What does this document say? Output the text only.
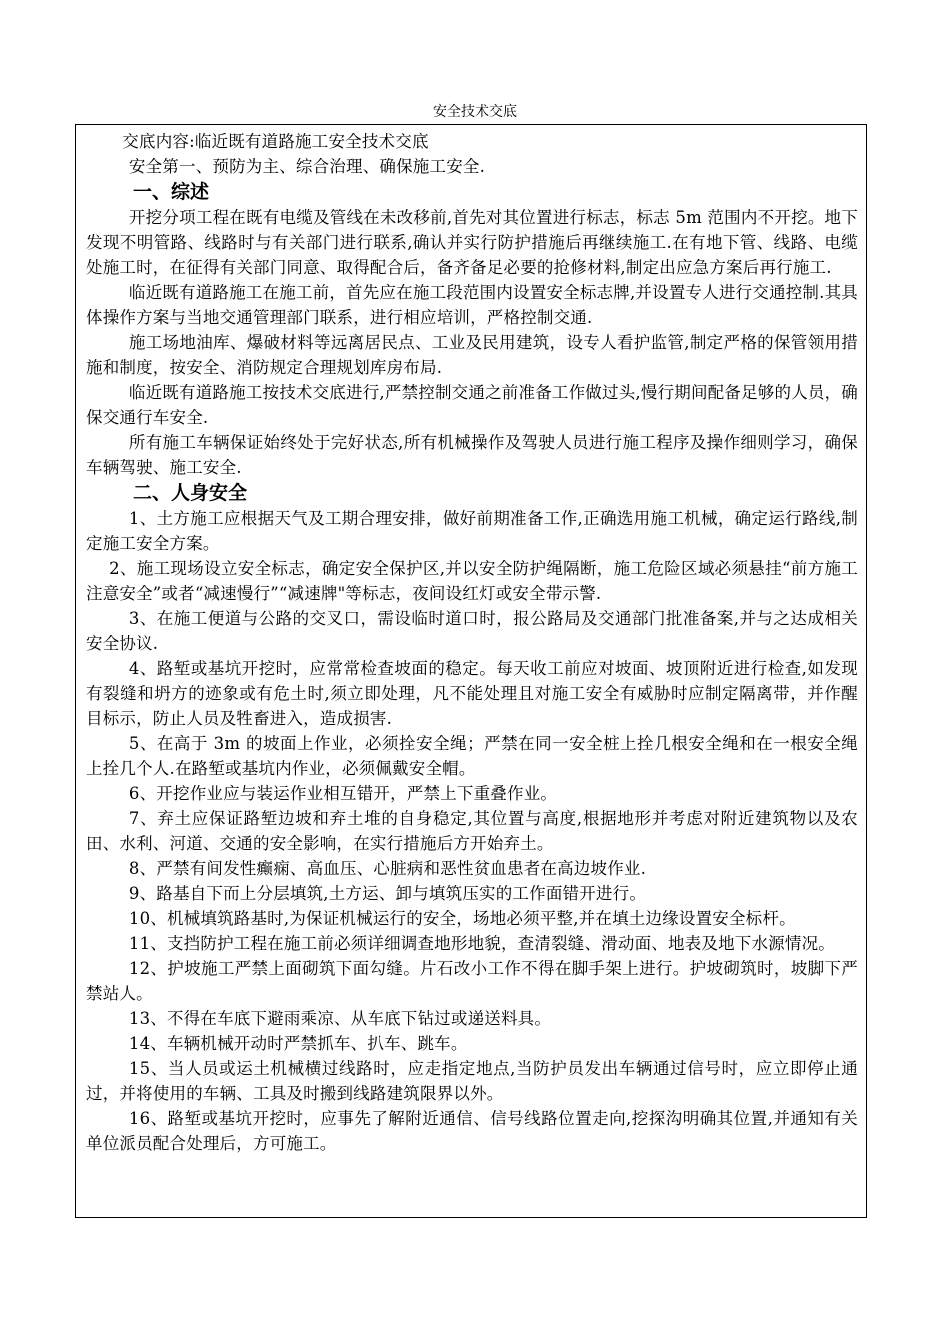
安全技术交底

交底内容:临近既有道路施工安全技术交底

安全第一、预防为主、综合治理、确保施工安全.

一、综述

开挖分项工程在既有电缆及管线在未改移前,首先对其位置进行标志，标志 5m 范围内不开挖。地下发现不明管路、线路时与有关部门进行联系,确认并实行防护措施后再继续施工.在有地下管、线路、电缆处施工时，在征得有关部门同意、取得配合后，备齐备足必要的抢修材料,制定出应急方案后再行施工.

临近既有道路施工在施工前，首先应在施工段范围内设置安全标志牌,并设置专人进行交通控制.其具体操作方案与当地交通管理部门联系，进行相应培训，严格控制交通.

施工场地油库、爆破材料等远离居民点、工业及民用建筑，设专人看护监管,制定严格的保管领用措施和制度，按安全、消防规定合理规划库房布局.

临近既有道路施工按技术交底进行,严禁控制交通之前准备工作做过头,慢行期间配备足够的人员，确保交通行车安全.

所有施工车辆保证始终处于完好状态,所有机械操作及驾驶人员进行施工程序及操作细则学习，确保车辆驾驶、施工安全.

二、人身安全

1、土方施工应根据天气及工期合理安排，做好前期准备工作,正确选用施工机械，确定运行路线,制定施工安全方案。

2、施工现场设立安全标志，确定安全保护区,并以安全防护绳隔断，施工危险区域必须悬挂“前方施工 注意安全”或者“减速慢行”“减速牌"等标志，夜间设红灯或安全带示警.

3、在施工便道与公路的交叉口，需设临时道口时，报公路局及交通部门批准备案,并与之达成相关安全协议.

4、路堑或基坑开挖时，应常常检查坡面的稳定。每天收工前应对坡面、坡顶附近进行检查,如发现有裂缝和坍方的迹象或有危土时,须立即处理，凡不能处理且对施工安全有威胁时应制定隔离带，并作醒目标示，防止人员及牲畜进入，造成损害.

5、在高于 3m 的坡面上作业，必须拴安全绳；严禁在同一安全桩上拴几根安全绳和在一根安全绳上拴几个人.在路堑或基坑内作业，必须佩戴安全帽。

6、开挖作业应与装运作业相互错开，严禁上下重叠作业。

7、弃土应保证路堑边坡和弃土堆的自身稳定,其位置与高度,根据地形并考虑对附近建筑物以及农田、水利、河道、交通的安全影响，在实行措施后方开始弃土。

8、严禁有间发性癫痫、高血压、心脏病和恶性贫血患者在高边坡作业.

9、路基自下而上分层填筑,土方运、卸与填筑压实的工作面错开进行。

10、机械填筑路基时,为保证机械运行的安全，场地必须平整,并在填土边缘设置安全标杆。

11、支挡防护工程在施工前必须详细调查地形地貌，查清裂缝、滑动面、地表及地下水源情况。

12、护坡施工严禁上面砌筑下面勾缝。片石改小工作不得在脚手架上进行。护坡砌筑时，坡脚下严禁站人。

13、不得在车底下避雨乘凉、从车底下钻过或递送料具。

14、车辆机械开动时严禁抓车、扒车、跳车。

15、当人员或运土机械横过线路时，应走指定地点,当防护员发出车辆通过信号时，应立即停止通过，并将使用的车辆、工具及时搬到线路建筑限界以外。

16、路堑或基坑开挖时，应事先了解附近通信、信号线路位置走向,挖探沟明确其位置,并通知有关单位派员配合处理后，方可施工。
